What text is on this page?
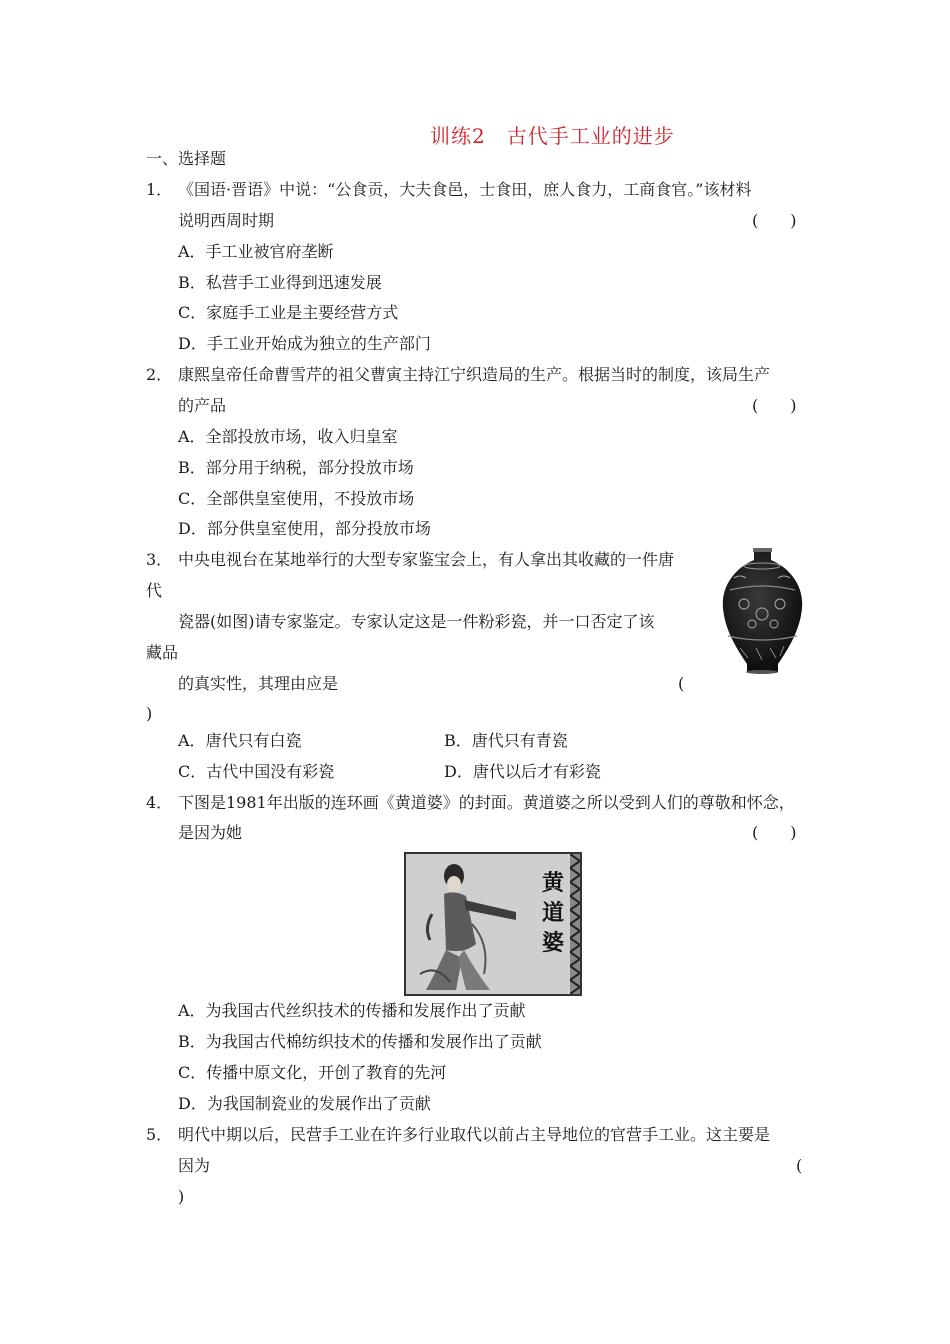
训练2　古代手工业的进步
一、选择题
1． 《国语·晋语》中说：“公食贡，大夫食邑，士食田，庶人食力，工商食官。”该材料
说明西周时期	(　　)
A．手工业被官府垄断
B．私营手工业得到迅速发展
C．家庭手工业是主要经营方式
D．手工业开始成为独立的生产部门
2． 康熙皇帝任命曹雪芹的祖父曹寅主持江宁织造局的生产。根据当时的制度，该局生产
的产品	(　　)
A．全部投放市场，收入归皇室
B．部分用于纳税，部分投放市场
C．全部供皇室使用，不投放市场
D．部分供皇室使用，部分投放市场
3． 中央电视台在某地举行的大型专家鉴宝会上，有人拿出其收藏的一件唐
代
瓷器(如图)请专家鉴定。专家认定这是一件粉彩瓷，并一口否定了该
藏品
的真实性，其理由应是	(
)
A．唐代只有白瓷	B．唐代只有青瓷
C．古代中国没有彩瓷	D．唐代以后才有彩瓷
4． 下图是1981年出版的连环画《黄道婆》的封面。黄道婆之所以受到人们的尊敬和怀念，
是因为她	(　　)
黄道婆
A．为我国古代丝织技术的传播和发展作出了贡献
B．为我国古代棉纺织技术的传播和发展作出了贡献
C．传播中原文化，开创了教育的先河
D．为我国制瓷业的发展作出了贡献
5． 明代中期以后，民营手工业在许多行业取代以前占主导地位的官营手工业。这主要是
因为	(
)
